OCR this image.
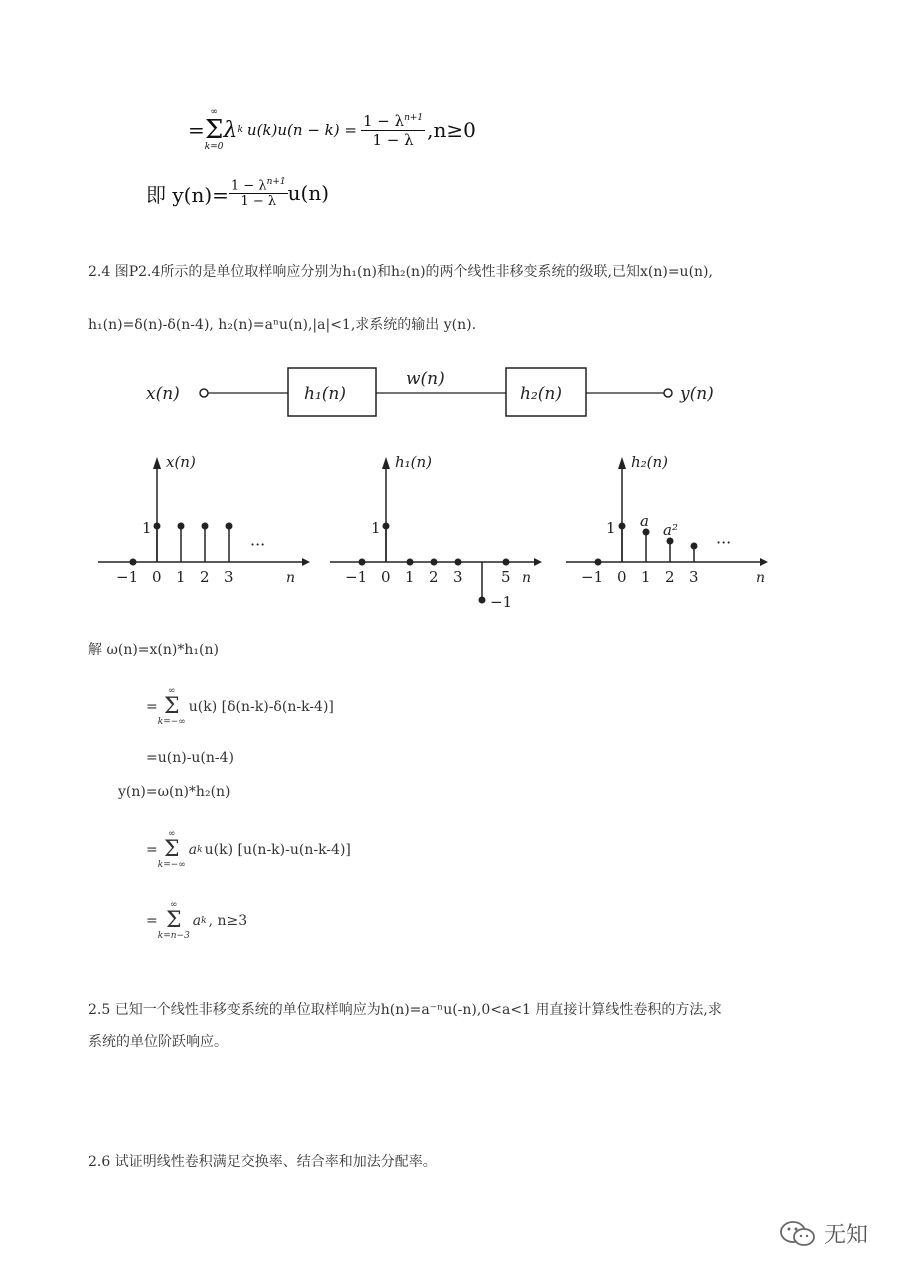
=
∞
Σ
k=0
λ k $u(k)u(n - k) = \frac{1 - \lambda^{n+1}}{1 - \lambda} ,n\ge 0$
即 $y(n)= \frac{1 - \lambda^{n+1}}{1 - \lambda} u(n)$
2.4 图P2.4所示的是单位取样响应分别为h₁(n)和h₂(n)的两个线性非移变系统的级联,已知x(n)=u(n),
h₁(n)=δ(n)-δ(n-4), h₂(n)=aⁿu(n),|a|<1,求系统的输出 y(n).
x(n)	h₁(n)
w(n)
h₂(n)	y(n)
x(n)
1
−1 0 1 2 3
···
n
h₁(n)
1
−1
−1 0 1 2 3	5 n
h₂(n)
1 a a²
−1 0 1 2 3
···
n
解 ω(n)=x(n)*h₁(n)
=
∞
Σ
k=−∞
u(k) [δ(n-k)-δ(n-k-4)]
=u(n)-u(n-4)
y(n)=ω(n)*h₂(n)
=
∞
Σ
k=−∞
a k u(k) [u(n-k)-u(n-k-4)]
=
∞
Σ
k=n−3
a k , n≥3
2.5 已知一个线性非移变系统的单位取样响应为h(n)=a⁻ⁿu(-n),0<a<1 用直接计算线性卷积的方法,求
系统的单位阶跃响应。
2.6 试证明线性卷积满足交换率、结合率和加法分配率。
无知
